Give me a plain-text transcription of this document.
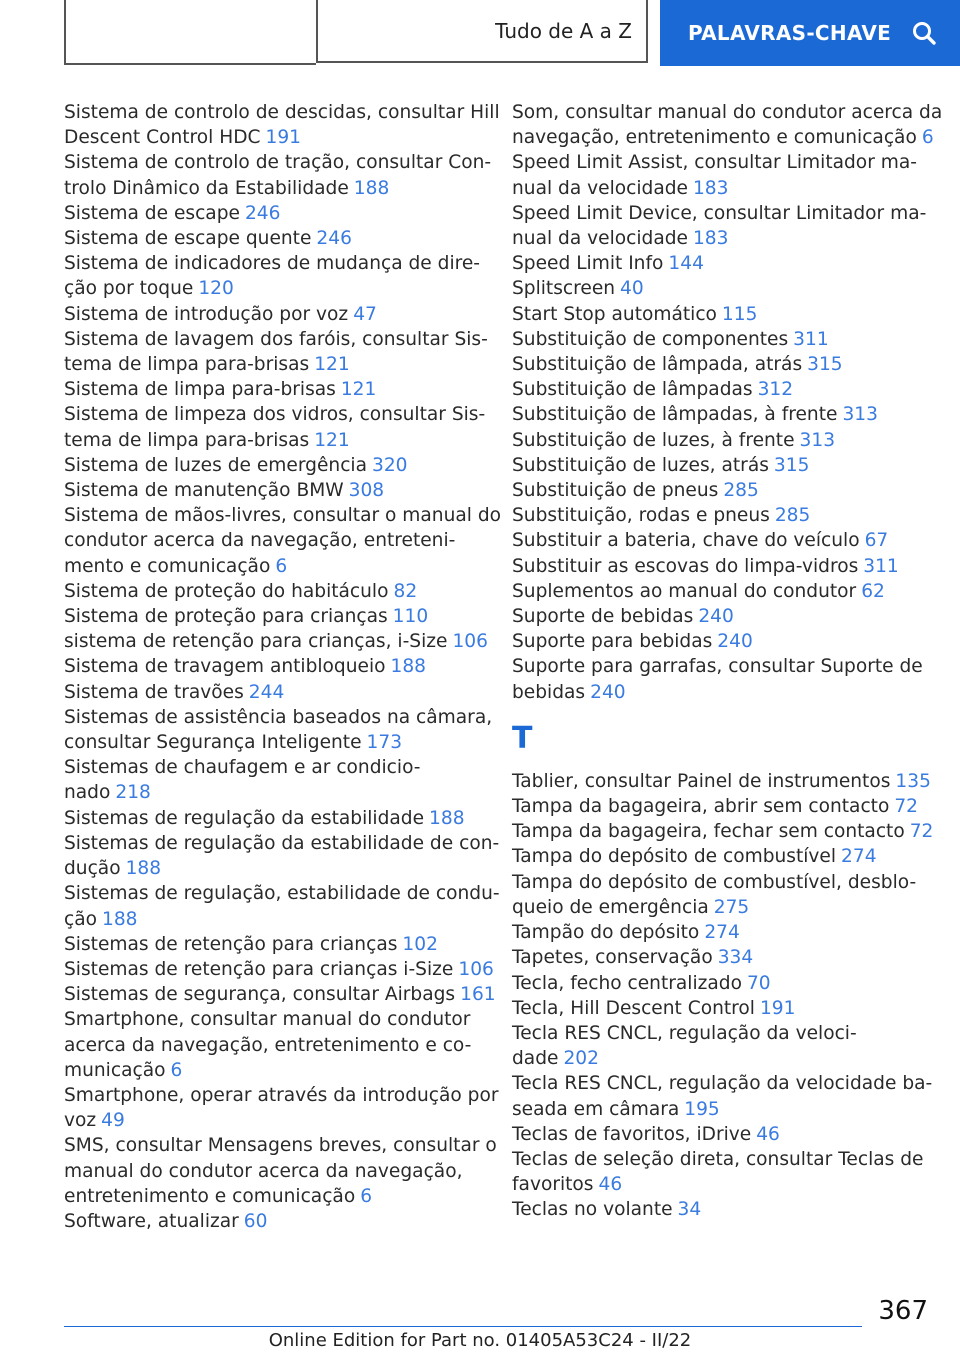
Tudo de A a Z	PALAVRAS-CHAVE
Sistema de controlo de descidas, consultar Hill
Descent Control HDC 191
Sistema de controlo de tração, consultar Con-
trolo Dinâmico da Estabilidade 188
Sistema de escape 246
Sistema de escape quente 246
Sistema de indicadores de mudança de dire-
ção por toque 120
Sistema de introdução por voz 47
Sistema de lavagem dos faróis, consultar Sis-
tema de limpa para-brisas 121
Sistema de limpa para-brisas 121
Sistema de limpeza dos vidros, consultar Sis-
tema de limpa para-brisas 121
Sistema de luzes de emergência 320
Sistema de manutenção BMW 308
Sistema de mãos-livres, consultar o manual do
condutor acerca da navegação, entreteni-
mento e comunicação 6
Sistema de proteção do habitáculo 82
Sistema de proteção para crianças 110
sistema de retenção para crianças, i-Size 106
Sistema de travagem antibloqueio 188
Sistema de travões 244
Sistemas de assistência baseados na câmara,
consultar Segurança Inteligente 173
Sistemas de chaufagem e ar condicio-
nado 218
Sistemas de regulação da estabilidade 188
Sistemas de regulação da estabilidade de con-
dução 188
Sistemas de regulação, estabilidade de condu-
ção 188
Sistemas de retenção para crianças 102
Sistemas de retenção para crianças i-Size 106
Sistemas de segurança, consultar Airbags 161
Smartphone, consultar manual do condutor
acerca da navegação, entretenimento e co-
municação 6
Smartphone, operar através da introdução por
voz 49
SMS, consultar Mensagens breves, consultar o
manual do condutor acerca da navegação,
entretenimento e comunicação 6
Software, atualizar 60
Som, consultar manual do condutor acerca da
navegação, entretenimento e comunicação 6
Speed Limit Assist, consultar Limitador ma-
nual da velocidade 183
Speed Limit Device, consultar Limitador ma-
nual da velocidade 183
Speed Limit Info 144
Splitscreen 40
Start Stop automático 115
Substituição de componentes 311
Substituição de lâmpada, atrás 315
Substituição de lâmpadas 312
Substituição de lâmpadas, à frente 313
Substituição de luzes, à frente 313
Substituição de luzes, atrás 315
Substituição de pneus 285
Substituição, rodas e pneus 285
Substituir a bateria, chave do veículo 67
Substituir as escovas do limpa-vidros 311
Suplementos ao manual do condutor 62
Suporte de bebidas 240
Suporte para bebidas 240
Suporte para garrafas, consultar Suporte de
bebidas 240
T
Tablier, consultar Painel de instrumentos 135
Tampa da bagageira, abrir sem contacto 72
Tampa da bagageira, fechar sem contacto 72
Tampa do depósito de combustível 274
Tampa do depósito de combustível, desblo-
queio de emergência 275
Tampão do depósito 274
Tapetes, conservação 334
Tecla, fecho centralizado 70
Tecla, Hill Descent Control 191
Tecla RES CNCL, regulação da veloci-
dade 202
Tecla RES CNCL, regulação da velocidade ba-
seada em câmara 195
Teclas de favoritos, iDrive 46
Teclas de seleção direta, consultar Teclas de
favoritos 46
Teclas no volante 34
367
Online Edition for Part no. 01405A53C24 - II/22
